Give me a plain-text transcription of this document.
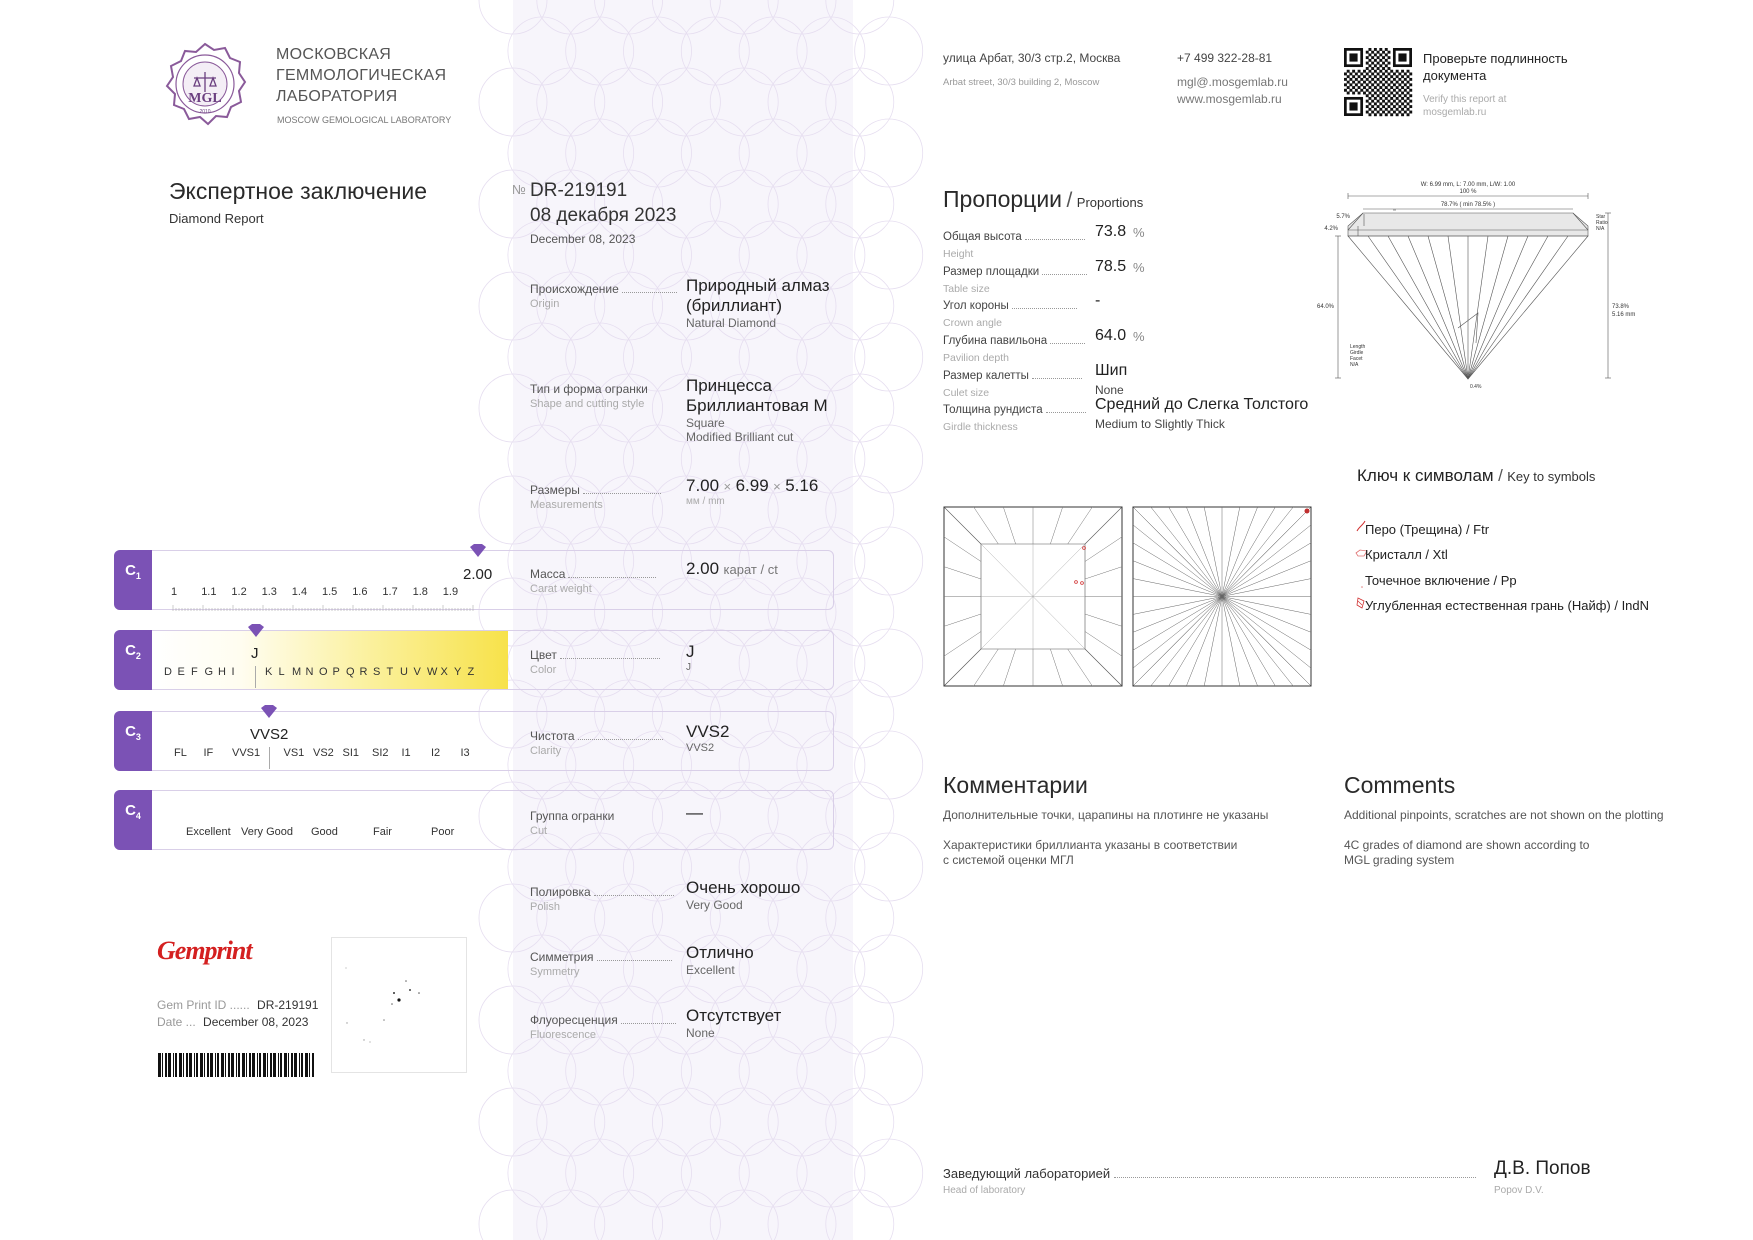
MGL
2010
МОСКОВСКАЯ
ГЕММОЛОГИЧЕСКАЯ
ЛАБОРАТОРИЯ
MOSCOW GEMOLOGICAL LABORATORY
Экспертное заключение
Diamond Report
№ DR-219191
08 декабря 2023
December 08, 2023
Происхождение
Origin
Природный алмаз
(бриллиант)
Natural Diamond
Тип и форма огранки
Shape and cutting style
Принцесса
Бриллиантовая М
Square
Modified Brilliant cut
Размеры
Measurements
7.00 × 6.99 × 5.16
мм / mm
$C_1$
1 1.1 1.2 1.3 1.4 1.5 1.6 1.7 1.8 1.9
2.00	Масса
Carat weight
2.00 карат / ct
$C_2$
D E F G H I	K L M N O P Q R S T U V W X Y Z
J	Цвет
Color
J
J
$C_3$
FL IF VVS1 VS1 VS2 SI1 SI2 I1 I2 I3
VVS2	Чистота
Clarity
VVS2
VVS2
$C_4$
Excellent Very Good Good	Fair	Poor
Группа огранки
Cut
—
Полировка
Polish
Очень хорошо
Very Good
Симметрия
Symmetry
Отлично
Excellent
Флуоресценция
Fluorescence
Отсутствует
None
Gemprint
Gem Print ID ...... DR-219191
Date ... December 08, 2023
улица Арбат, 30/3 стр.2, Москва
Arbat street, 30/3 building 2, Moscow
+7 499 322-28-81
mgl@.mosgemlab.ru
www.mosgemlab.ru
Проверьте подлинность
документа
Verify this report at
mosgemlab.ru
Пропорции / Proportions
Общая высота	73.8 %
Height
Размер площадки	78.5 %
Table size
Угол короны	-
Crown angle
Глубина павильона	64.0 %
Pavilion depth
Размер калетты	Шип
Culet size	None
Толщина рундиста	Средний до Слегка Толстого
Girdle thickness	Medium to Slightly Thick
W: 6.99 mm, L: 7.00 mm, L/W: 1.00
100 %
78.7% ( min 78.5% )
5.7%
4.2%
64.0%	73.8%
5.16 mm
Star
Ratio
N/A
Length
Girdle
Facet
N/A
0.4%
Ключ к символам / Key to symbols
Перо (Трещина) / Ftr
Кристалл / Xtl
Точечное включение / Pp
Углубленная естественная грань (Найф) / IndN
Комментарии
Дополнительные точки, царапины на плотинге не указаны
Характеристики бриллианта указаны в соответствии
с системой оценки МГЛ
Comments
Additional pinpoints, scratches are not shown on the plotting
4C grades of diamond are shown according to
MGL grading system
Заведующий лабораторией
Head of laboratory
Д.В. Попов
Popov D.V.
